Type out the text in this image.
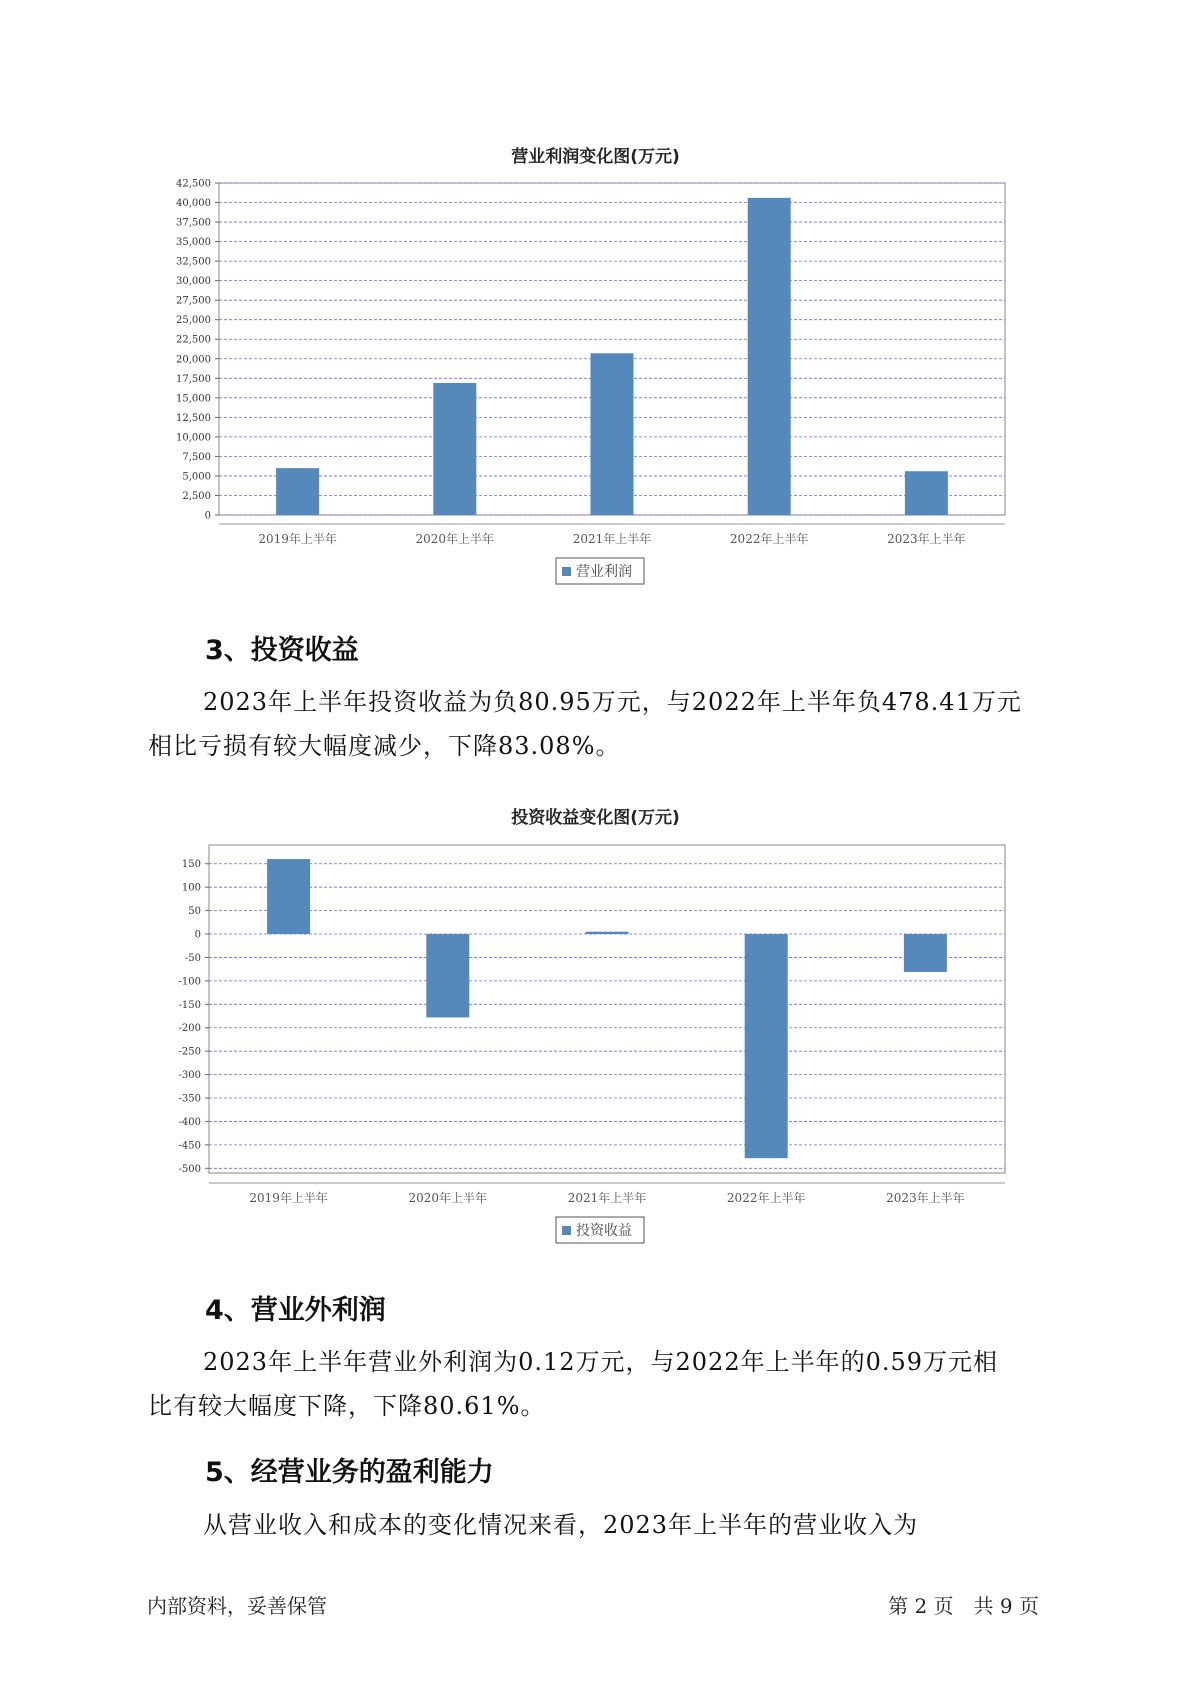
营业利润变化图(万元)
0
2,500
5,000
7,500
10,000
12,500
15,000
17,500
20,000
22,500
25,000
27,500
30,000
32,500
35,000
37,500
40,000
42,500
2019年上半年	2020年上半年	2021年上半年	2022年上半年	2023年上半年
营业利润
3、投资收益
2023年上半年投资收益为负80.95万元，与2022年上半年负478.41万元
相比亏损有较大幅度减少，下降83.08%。
投资收益变化图(万元)
150
100
50
0
-50
-100
-150
-200
-250
-300
-350
-400
-450
-500
2019年上半年	2020年上半年	2021年上半年	2022年上半年	2023年上半年
投资收益
4、营业外利润
2023年上半年营业外利润为0.12万元，与2022年上半年的0.59万元相
比有较大幅度下降，下降80.61%。
5、经营业务的盈利能力
从营业收入和成本的变化情况来看，2023年上半年的营业收入为
内部资料，妥善保管	第 2 页　共 9 页
